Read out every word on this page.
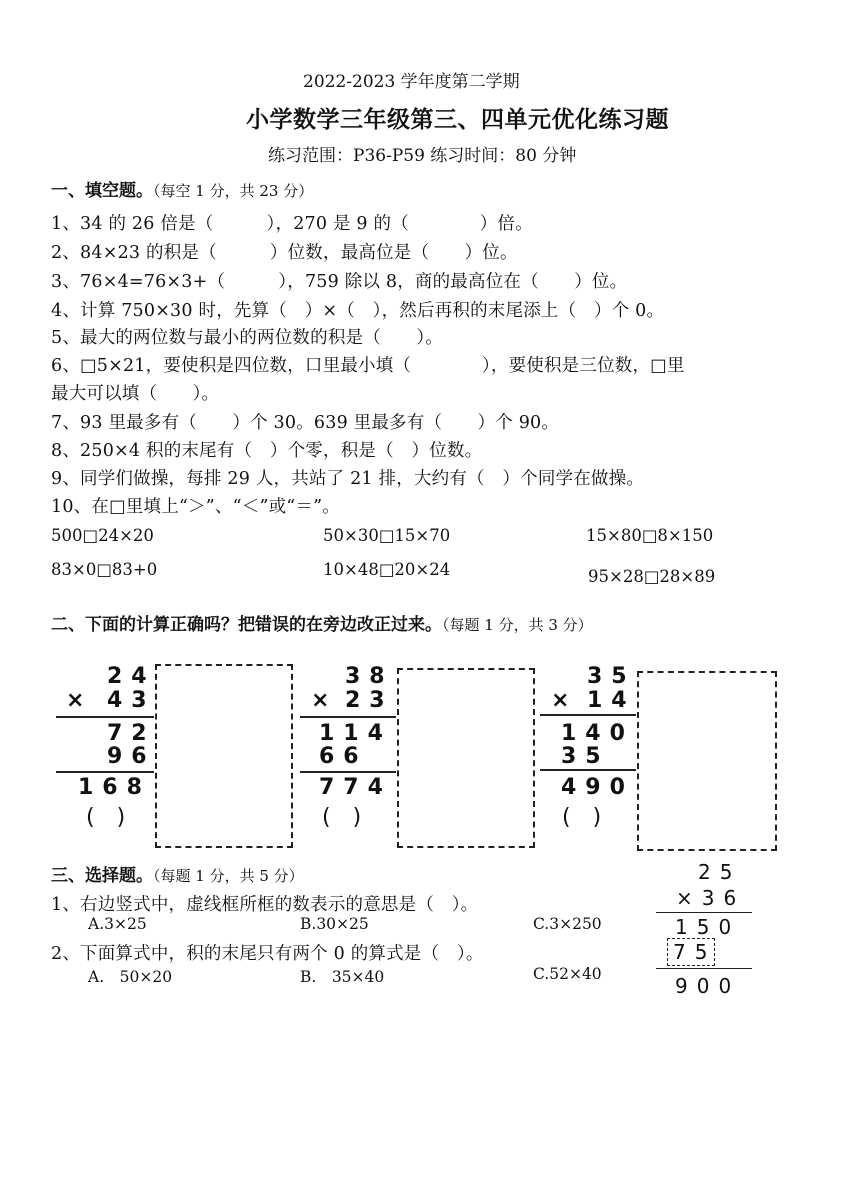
2022-2023 学年度第二学期
小学数学三年级第三、四单元优化练习题
练习范围：P36-P59 练习时间：80 分钟
一、填空题。（每空 1 分，共 23 分）
1、34 的 26 倍是（　　　），270 是 9 的（　　　　）倍。
2、84×23 的积是（　　　）位数，最高位是（　　）位。
3、76×4=76×3+（　　　），759 除以 8，商的最高位在（　　）位。
4、计算 750×30 时，先算（　）×（　），然后再积的末尾添上（　）个 0。
5、最大的两位数与最小的两位数的积是（　　）。
6、□5×21，要使积是四位数，口里最小填（　　　　），要使积是三位数，□里
最大可以填（　　）。
7、93 里最多有（　　）个 30。639 里最多有（　　）个 90。
8、250×4 积的末尾有（　）个零，积是（　）位数。
9、同学们做操，每排 29 人，共站了 21 排，大约有（　）个同学在做操。
10、在□里填上“＞”、“＜”或“＝”。
500□24×20	50×30□15×70	15×80□8×150
83×0□83+0	10×48□20×24	95×28□28×89
二、下面的计算正确吗？把错误的在旁边改正过来。（每题 1 分，共 3 分）
24
× 43
72
96
168
(　)
38
× 23
114
66
774
(　)
35
× 14
140
35
490
(　)
三、选择题。（每题 1 分，共 5 分）
1、右边竖式中，虚线框所框的数表示的意思是（　）。
A.3×25	B.30×25	C.3×250
2、下面算式中，积的末尾只有两个 0 的算式是（　）。
A.　50×20	B.　35×40	C.52×40
25
×36
150
75
900
